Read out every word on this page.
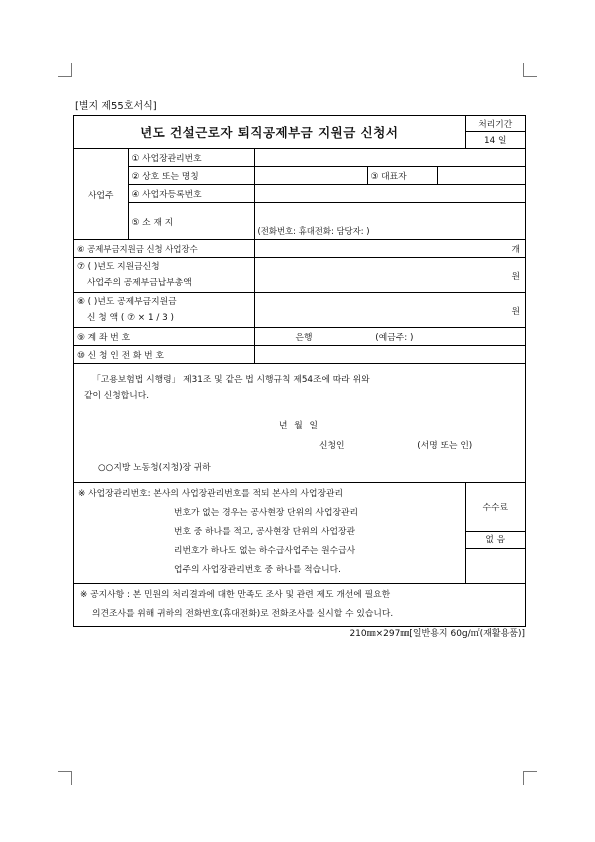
[별지 제55호서식]
년도 건설근로자 퇴직공제부금 지원금 신청서	처리기간
14 일
사업주	① 사업장관리번호			
	② 상호 또는 명칭		③ 대표자	
	④ 사업자등록번호			
	⑤ 소 재 지			
		(전화번호: 휴대전화: 담당자: )		
⑥ 공제부금지원금 신청 사업장수	개

⑦ ( )년도 지원금신청
사업주의 공제부금납부총액	원

⑧ ( )년도 공제부금지원금
신 청 액 ( ⑦ × 1 / 3 )	원
⑨ 계 좌 번 호	은행 (예금주: )
⑩ 신 청 인 전 화 번 호	
「고용보험법 시행령」 제31조 및 같은 법 시행규칙 제54조에 따라 위와
같이 신청합니다.
년 월 일
신청인	(서명 또는 인)
○○지방 노동청(지청)장 귀하
※ 사업장관리번호: 본사의 사업장관리번호를 적되 본사의 사업장관리
번호가 없는 경우는 공사현장 단위의 사업장관리
번호 중 하나를 적고, 공사현장 단위의 사업장관
리번호가 하나도 없는 하수급사업주는 원수급사
업주의 사업장관리번호 중 하나를 적습니다.
	수수료

없 음
※ 공지사항 : 본 민원의 처리결과에 대한 만족도 조사 및 관련 제도 개선에 필요한
의견조사를 위해 귀하의 전화번호(휴대전화)로 전화조사를 실시할 수 있습니다.
210㎜×297㎜[일반용지 60g/㎡(재활용품)]
